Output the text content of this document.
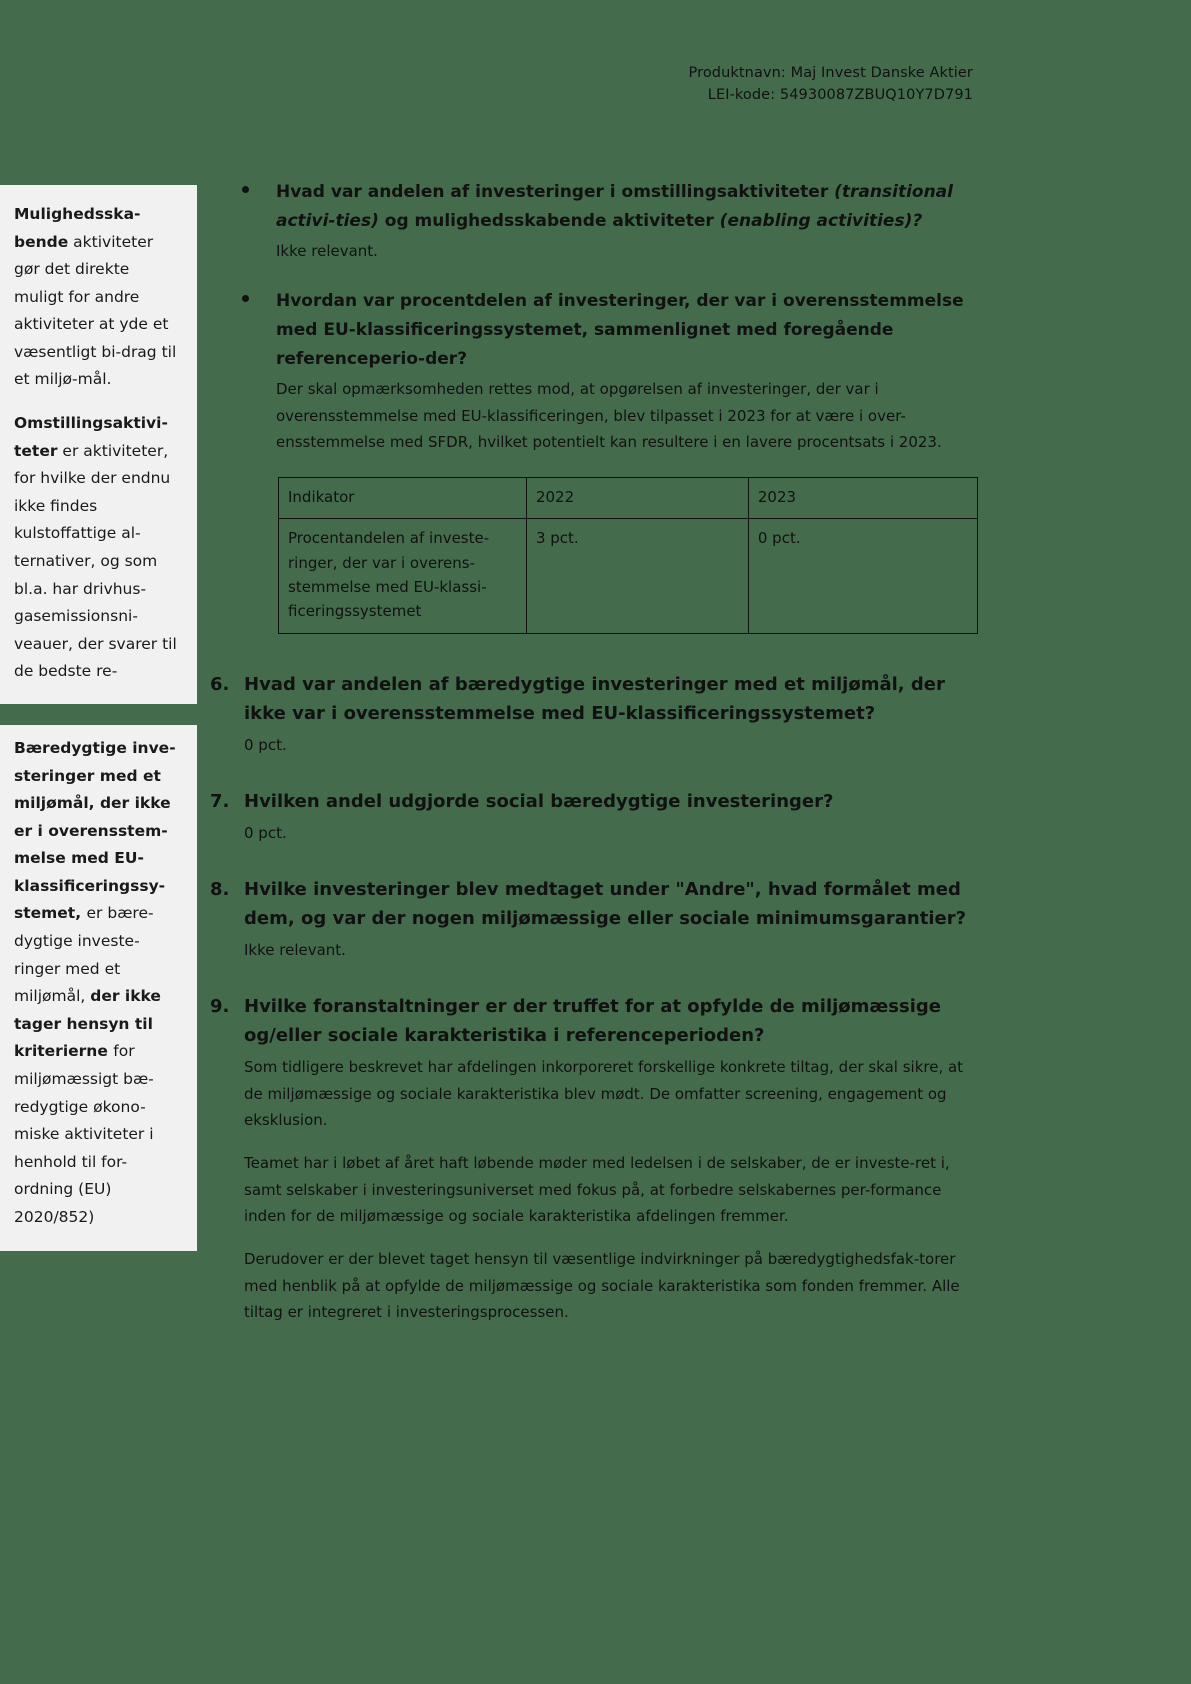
Produktnavn: Maj Invest Danske Aktier
LEI-kode: 54930087ZBUQ10Y7D791

Mulighedsska-bende aktiviteter gør det direkte muligt for andre aktiviteter at yde et væsentligt bi-drag til et miljø-mål.

Omstillingsaktivi-teter er aktiviteter, for hvilke der endnu ikke findes kulstoffattige al-ternativer, og som bl.a. har drivhus-gasemissionsni-veauer, der svarer til de bedste re-

Bæredygtige inve-steringer med et miljømål, der ikke er i overensstem-melse med EU-klassificeringssy-stemet, er bære-dygtige investe-ringer med et miljømål, der ikke tager hensyn til kriterierne for miljømæssigt bæ-redygtige økono-miske aktiviteter i henhold til for-ordning (EU) 2020/852)

Hvad var andelen af investeringer i omstillingsaktiviteter (transitional activi-ties) og mulighedsskabende aktiviteter (enabling activities)?

Ikke relevant.

Hvordan var procentdelen af investeringer, der var i overensstemmelse med EU-klassificeringssystemet, sammenlignet med foregående referenceperio-der?

Der skal opmærksomheden rettes mod, at opgørelsen af investeringer, der var i overensstemmelse med EU-klassificeringen, blev tilpasset i 2023 for at være i over-ensstemmelse med SFDR, hvilket potentielt kan resultere i en lavere procentsats i 2023.

Indikator	2022	2023
Procentandelen af investe-ringer, der var i overens-stemmelse med EU-klassi-ficeringssystemet	3 pct.	0 pct.
6. Hvad var andelen af bæredygtige investeringer med et miljømål, der ikke var i overensstemmelse med EU-klassificeringssystemet?

0 pct.

7. Hvilken andel udgjorde social bæredygtige investeringer?

0 pct.

8. Hvilke investeringer blev medtaget under "Andre", hvad formålet med dem, og var der nogen miljømæssige eller sociale minimumsgarantier?

Ikke relevant.

9. Hvilke foranstaltninger er der truffet for at opfylde de miljømæssige og/eller sociale karakteristika i referenceperioden?

Som tidligere beskrevet har afdelingen inkorporeret forskellige konkrete tiltag, der skal sikre, at de miljømæssige og sociale karakteristika blev mødt. De omfatter screening, engagement og eksklusion.

Teamet har i løbet af året haft løbende møder med ledelsen i de selskaber, de er investe-ret i, samt selskaber i investeringsuniverset med fokus på, at forbedre selskabernes per-formance inden for de miljømæssige og sociale karakteristika afdelingen fremmer.

Derudover er der blevet taget hensyn til væsentlige indvirkninger på bæredygtighedsfak-torer med henblik på at opfylde de miljømæssige og sociale karakteristika som fonden fremmer. Alle tiltag er integreret i investeringsprocessen.
